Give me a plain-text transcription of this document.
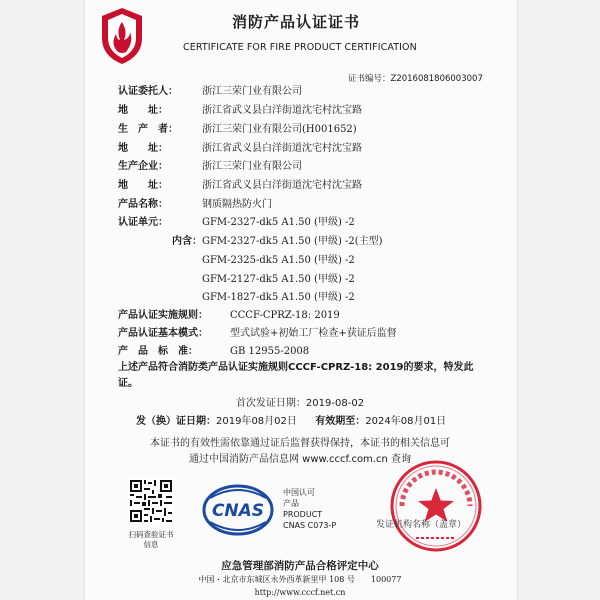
消防产品认证证书
CERTIFICATE FOR FIRE PRODUCT CERTIFICATION
证书编号：Z2016081806003007
认证委托人： 浙江三荣门业有限公司
地　　址：	浙江省武义县白洋街道沈宅村沈宝路
生　产　者： 浙江三荣门业有限公司(H001652)
地　　址：	浙江省武义县白洋街道沈宅村沈宝路
生产企业：	浙江三荣门业有限公司
地　　址：	浙江省武义县白洋街道沈宅村沈宝路
产品名称：	钢质隔热防火门
认证单元：	GFM-2327-dk5 A1.50 (甲级) -2
内含：GFM-2327-dk5 A1.50 (甲级) -2(主型)
GFM-2325-dk5 A1.50 (甲级) -2
GFM-2127-dk5 A1.50 (甲级) -2
GFM-1827-dk5 A1.50 (甲级) -2
产品认证实施规则： CCCF-CPRZ-18: 2019
产品认证基本模式： 型式试验+初始工厂检查+获证后监督
产　品　标　准：	GB 12955-2008
上述产品符合消防类产品认证实施规则CCCF-CPRZ-18: 2019的要求，特发此证。
首次发证日期：2019-08-02
发（换）证日期：2019年08月02日 有效期至：2024年08月01日
本证书的有效性需依靠通过证后监督获得保持，本证书的相关信息可通过中国消防产品信息网 www.cccf.com.cn 查询
扫码查验证书信息
CNAS
中国认可
产品
PRODUCT
CNAS C073-P	发证机构名称（盖章）
应急管理部消防产品合格评定中心
中国・北京市东城区永外西革新里甲 108 号　　100077
http://www.cccf.net.cn
